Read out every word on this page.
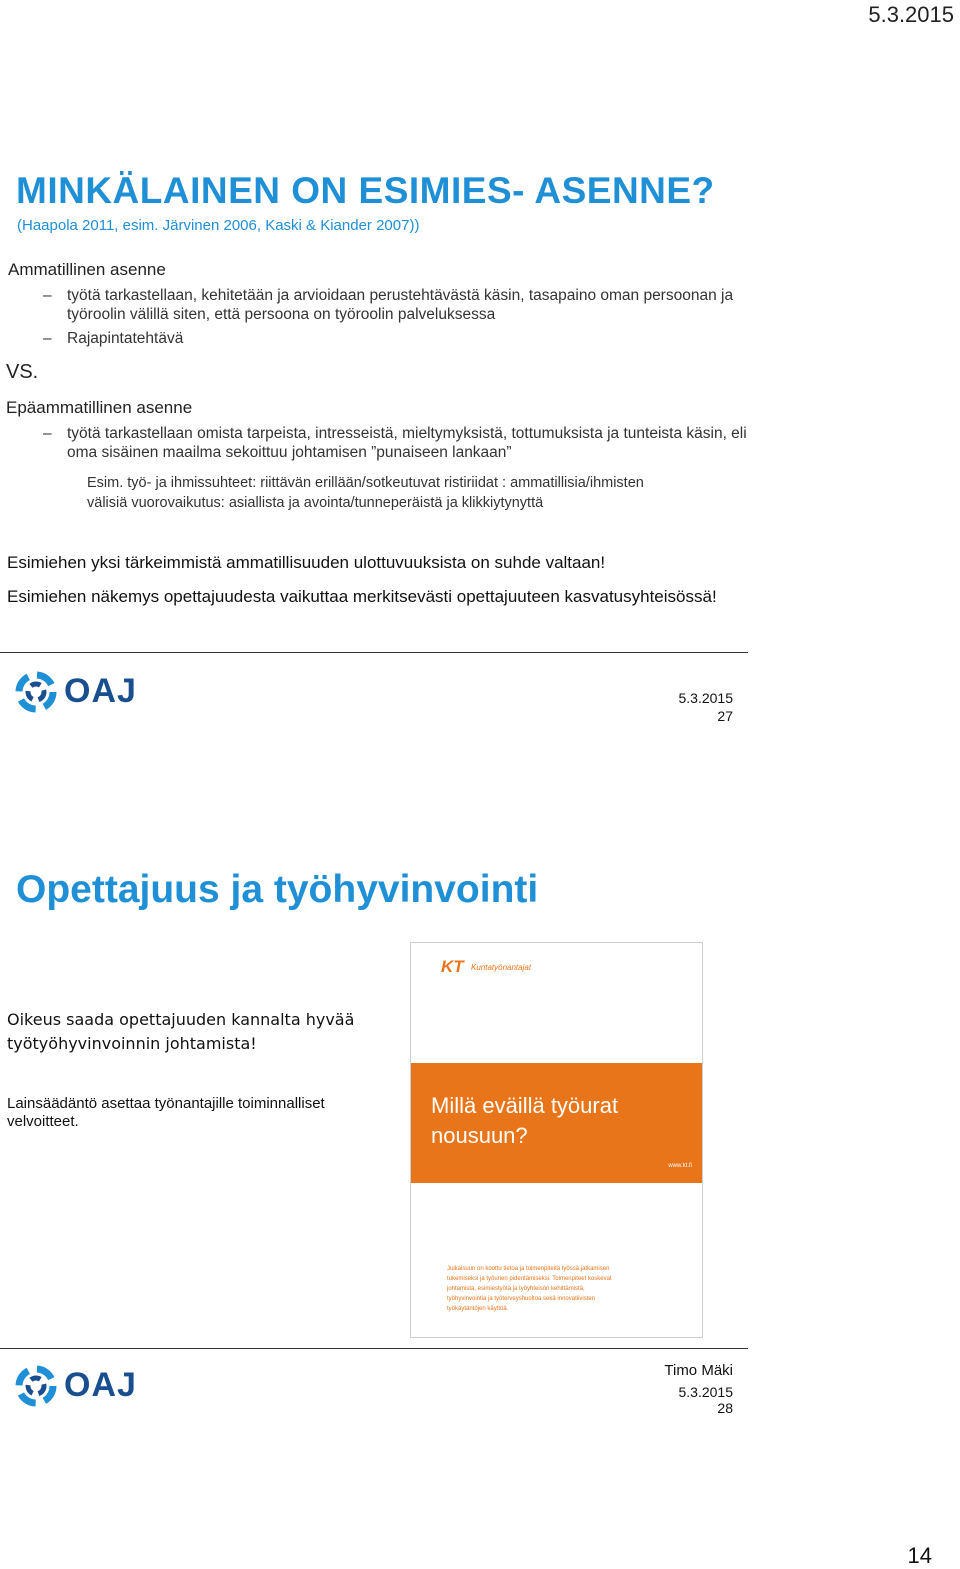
5.3.2015
MINKÄLAINEN ON ESIMIES- ASENNE?
(Haapola 2011, esim. Järvinen 2006, Kaski & Kiander 2007))
Ammatillinen asenne
– työtä tarkastellaan, kehitetään ja arvioidaan perustehtävästä käsin, tasapaino oman persoonan ja
työroolin välillä siten, että persoona on työroolin palveluksessa
– Rajapintatehtävä
VS.
Epäammatillinen asenne
– työtä tarkastellaan omista tarpeista, intresseistä, mieltymyksistä, tottumuksista ja tunteista käsin, eli
oma sisäinen maailma sekoittuu johtamisen ”punaiseen lankaan”
Esim. työ- ja ihmissuhteet: riittävän erillään/sotkeutuvat ristiriidat : ammatillisia/ihmisten
välisiä vuorovaikutus: asiallista ja avointa/tunneperäistä ja klikkiytynyttä
Esimiehen yksi tärkeimmistä ammatillisuuden ulottuvuuksista on suhde valtaan!
Esimiehen näkemys opettajuudesta vaikuttaa merkitsevästi opettajuuteen kasvatusyhteisössä!
OAJ	5.3.2015
27
Opettajuus ja työhyvinvointi
Oikeus saada opettajuuden kannalta hyvää
työtyöhyvinvoinnin johtamista!
Lainsäädäntö asettaa työnantajille toiminnalliset
velvoitteet.
KT Kuntatyönantajat
Millä eväillä työurat
nousuun?
www.kt.fi
Julkaisuun on koottu tietoa ja toimenpiteitä työssä jatkamisen
tukemiseksi ja työurien pidentämiseksi. Toimenpiteet koskevat
johtamista, esimiestyötä ja työyhteisön kehittämistä,
työhyvinvointia ja työterveyshuoltoa sekä innovatiivisten
työkäytäntöjen käyttöä.
OAJ	Timo Mäki
5.3.2015
28
14
